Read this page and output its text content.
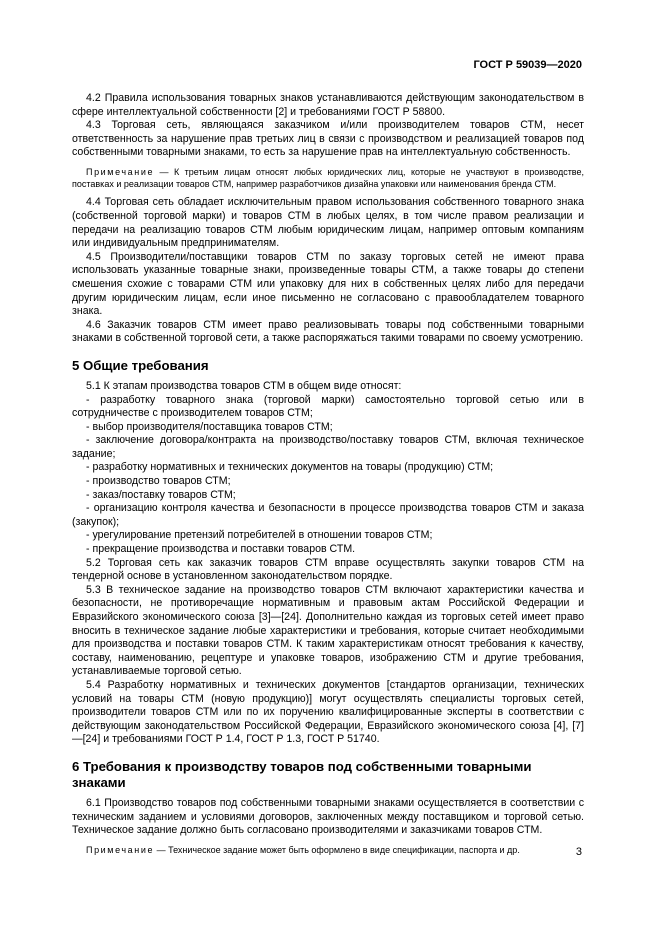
ГОСТ Р 59039—2020

4.2 Правила использования товарных знаков устанавливаются действующим законодательством в сфере интеллектуальной собственности [2] и требованиями ГОСТ Р 58800.

4.3 Торговая сеть, являющаяся заказчиком и/или производителем товаров СТМ, несет ответственность за нарушение прав третьих лиц в связи с производством и реализацией товаров под собственными товарными знаками, то есть за нарушение прав на интеллектуальную собственность.

Примечание — К третьим лицам относят любых юридических лиц, которые не участвуют в производстве, поставках и реализации товаров СТМ, например разработчиков дизайна упаковки или наименования бренда СТМ.

4.4 Торговая сеть обладает исключительным правом использования собственного товарного знака (собственной торговой марки) и товаров СТМ в любых целях, в том числе правом реализации и передачи на реализацию товаров СТМ любым юридическим лицам, например оптовым компаниям или индивидуальным предпринимателям.

4.5 Производители/поставщики товаров СТМ по заказу торговых сетей не имеют права использовать указанные товарные знаки, произведенные товары СТМ, а также товары до степени смешения схожие с товарами СТМ или упаковку для них в собственных целях либо для передачи другим юридическим лицам, если иное письменно не согласовано с правообладателем товарного знака.

4.6 Заказчик товаров СТМ имеет право реализовывать товары под собственными товарными знаками в собственной торговой сети, а также распоряжаться такими товарами по своему усмотрению.

5 Общие требования

5.1 К этапам производства товаров СТМ в общем виде относят:

- разработку товарного знака (торговой марки) самостоятельно торговой сетью или в сотрудничестве с производителем товаров СТМ;

- выбор производителя/поставщика товаров СТМ;

- заключение договора/контракта на производство/поставку товаров СТМ, включая техническое задание;

- разработку нормативных и технических документов на товары (продукцию) СТМ;

- производство товаров СТМ;

- заказ/поставку товаров СТМ;

- организацию контроля качества и безопасности в процессе производства товаров СТМ и заказа (закупок);

- урегулирование претензий потребителей в отношении товаров СТМ;

- прекращение производства и поставки товаров СТМ.

5.2 Торговая сеть как заказчик товаров СТМ вправе осуществлять закупки товаров СТМ на тендерной основе в установленном законодательством порядке.

5.3 В техническое задание на производство товаров СТМ включают характеристики качества и безопасности, не противоречащие нормативным и правовым актам Российской Федерации и Евразийского экономического союза [3]—[24]. Дополнительно каждая из торговых сетей имеет право вносить в техническое задание любые характеристики и требования, которые считает необходимыми для производства и поставки товаров СТМ. К таким характеристикам относят требования к качеству, составу, наименованию, рецептуре и упаковке товаров, изображению СТМ и другие требования, устанавливаемые торговой сетью.

5.4 Разработку нормативных и технических документов [стандартов организации, технических условий на товары СТМ (новую продукцию)] могут осуществлять специалисты торговых сетей, производители товаров СТМ или по их поручению квалифицированные эксперты в соответствии с действующим законодательством Российской Федерации, Евразийского экономического союза [4], [7]—[24] и требованиями ГОСТ Р 1.4, ГОСТ Р 1.3, ГОСТ Р 51740.

6 Требования к производству товаров под собственными товарными
знаками

6.1 Производство товаров под собственными товарными знаками осуществляется в соответствии с техническим заданием и условиями договоров, заключенных между поставщиком и торговой сетью. Техническое задание должно быть согласовано производителями и заказчиками товаров СТМ.

Примечание — Техническое задание может быть оформлено в виде спецификации, паспорта и др.	3
